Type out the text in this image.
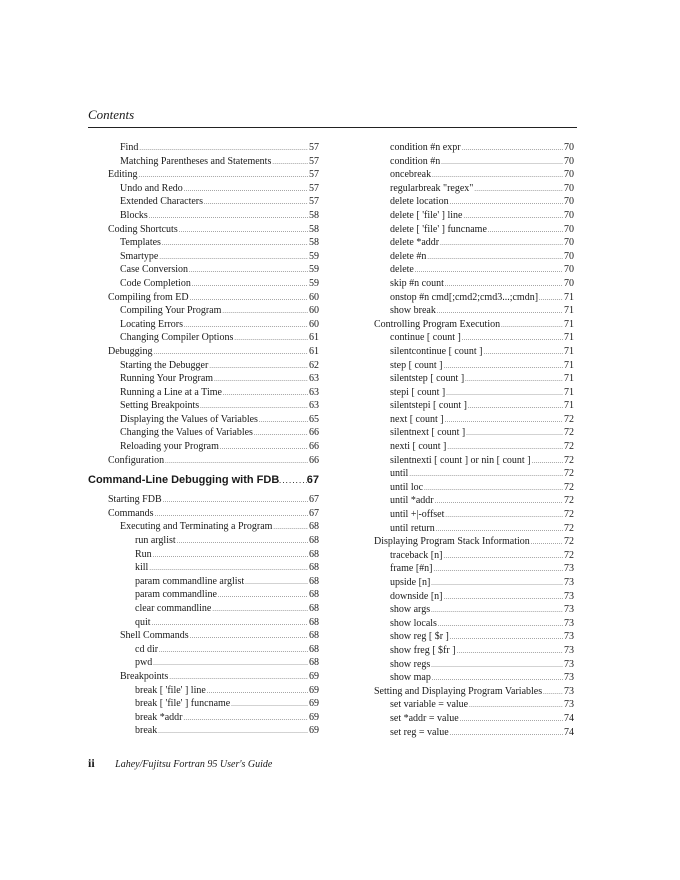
Contents
Find . . .	57
Matching Parentheses and Statements . . .	57
Editing . . .	57
Undo and Redo . . .	57
Extended Characters . . .	57
Blocks . . .	58
Coding Shortcuts . . .	58
Templates . . .	58
Smartype . . .	59
Case Conversion . . .	59
Code Completion . . .	59
Compiling from ED . . .	60
Compiling Your Program . . .	60
Locating Errors . . .	60
Changing Compiler Options . . .	61
Debugging . . .	61
Starting the Debugger . . .	62
Running Your Program . . .	63
Running a Line at a Time . . .	63
Setting Breakpoints . . .	63
Displaying the Values of Variables . . .	65
Changing the Values of Variables . . .	66
Reloading your Program . . .	66
Configuration . . .	66
Command-Line Debugging with FDB . . . 67
Starting FDB . . .	67
Commands . . .	67
Executing and Terminating a Program . . .	68
run arglist . . .	68
Run . . .	68
kill . . .	68
param commandline arglist . . .	68
param commandline . . .	68
clear commandline . . .	68
quit . . .	68
Shell Commands . . .	68
cd dir . . .	68
pwd . . .	68
Breakpoints . . .	69
break [ 'file' ] line . . .	69
break [ 'file' ] funcname . . .	69
break *addr . . .	69
break . . .	69
condition #n expr . . .	70
condition #n . . .	70
oncebreak . . .	70
regularbreak "regex" . . .	70
delete location . . .	70
delete [ 'file' ] line . . .	70
delete [ 'file' ] funcname . . .	70
delete *addr . . .	70
delete #n . . .	70
delete . . .	70
skip #n count . . .	70
onstop #n cmd[;cmd2;cmd3...;cmdn] . . .	71
show break . . .	71
Controlling Program Execution . . .	71
continue [ count ] . . .	71
silentcontinue [ count ] . . .	71
step [ count ] . . .	71
silentstep [ count ] . . .	71
stepi [ count ] . . .	71
silentstepi [ count ] . . .	71
next [ count ] . . .	72
silentnext [ count ] . . .	72
nexti [ count ] . . .	72
silentnexti [ count ] or nin [ count ] . . .	72
until . . .	72
until loc . . .	72
until *addr . . .	72
until +|-offset . . .	72
until return . . .	72
Displaying Program Stack Information . . .	72
traceback [n] . . .	72
frame [#n] . . .	73
upside [n] . . .	73
downside [n] . . .	73
show args . . .	73
show locals . . .	73
show reg [ $r ] . . .	73
show freg [ $fr ] . . .	73
show regs . . .	73
show map . . .	73
Setting and Displaying Program Variables . . . 73
set variable = value . . .	73
set *addr = value . . .	74
set reg = value . . .	74
ii Lahey/Fujitsu Fortran 95 User's Guide
